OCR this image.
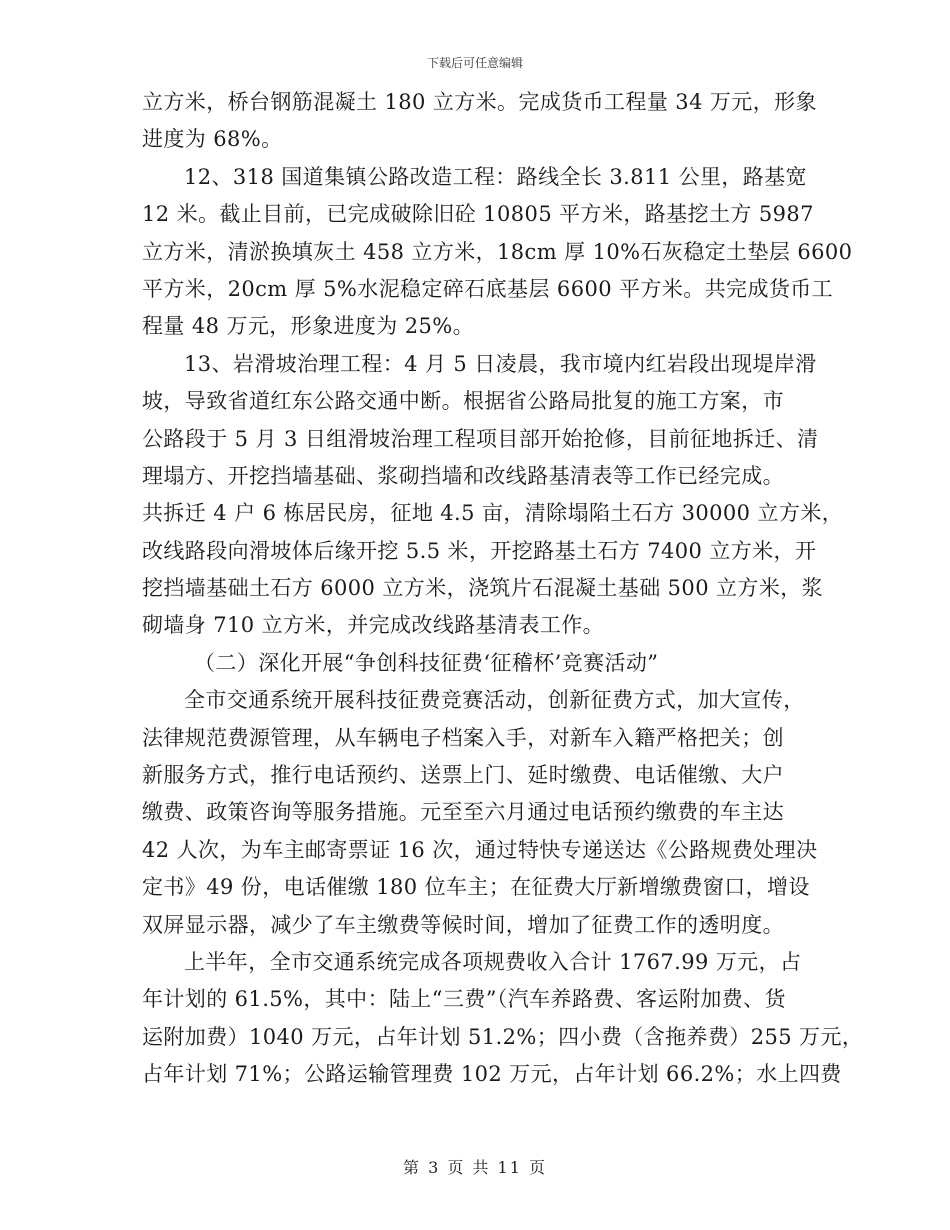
下载后可任意编辑
立方米，桥台钢筋混凝土 180 立方米。完成货币工程量 34 万元，形象
进度为 68%。
12、318 国道集镇公路改造工程：路线全长 3.811 公里，路基宽
12 米。截止目前，已完成破除旧砼 10805 平方米，路基挖土方 5987
立方米，清淤换填灰土 458 立方米，18cm 厚 10%石灰稳定土垫层 6600
平方米，20cm 厚 5%水泥稳定碎石底基层 6600 平方米。共完成货币工
程量 48 万元，形象进度为 25%。
13、岩滑坡治理工程：4 月 5 日凌晨，我市境内红岩段出现堤岸滑
坡，导致省道红东公路交通中断。根据省公路局批复的施工方案，市
公路段于 5 月 3 日组滑坡治理工程项目部开始抢修，目前征地拆迁、清
理塌方、开挖挡墙基础、浆砌挡墙和改线路基清表等工作已经完成。
共拆迁 4 户 6 栋居民房，征地 4.5 亩，清除塌陷土石方 30000 立方米，
改线路段向滑坡体后缘开挖 5.5 米，开挖路基土石方 7400 立方米，开
挖挡墙基础土石方 6000 立方米，浇筑片石混凝土基础 500 立方米，浆
砌墙身 710 立方米，并完成改线路基清表工作。
（二）深化开展“争创科技征费‘征稽杯’竞赛活动”
全市交通系统开展科技征费竞赛活动，创新征费方式，加大宣传，
法律规范费源管理，从车辆电子档案入手，对新车入籍严格把关；创
新服务方式，推行电话预约、送票上门、延时缴费、电话催缴、大户
缴费、政策咨询等服务措施。元至至六月通过电话预约缴费的车主达
42 人次，为车主邮寄票证 16 次，通过特快专递送达《公路规费处理决
定书》49 份，电话催缴 180 位车主；在征费大厅新增缴费窗口，增设
双屏显示器，减少了车主缴费等候时间，增加了征费工作的透明度。
上半年，全市交通系统完成各项规费收入合计 1767.99 万元，占
年计划的 61.5%，其中：陆上“三费”（汽车养路费、客运附加费、货
运附加费）1040 万元，占年计划 51.2%；四小费（含拖养费）255 万元，
占年计划 71%；公路运输管理费 102 万元，占年计划 66.2%；水上四费
第 3 页 共 11 页
